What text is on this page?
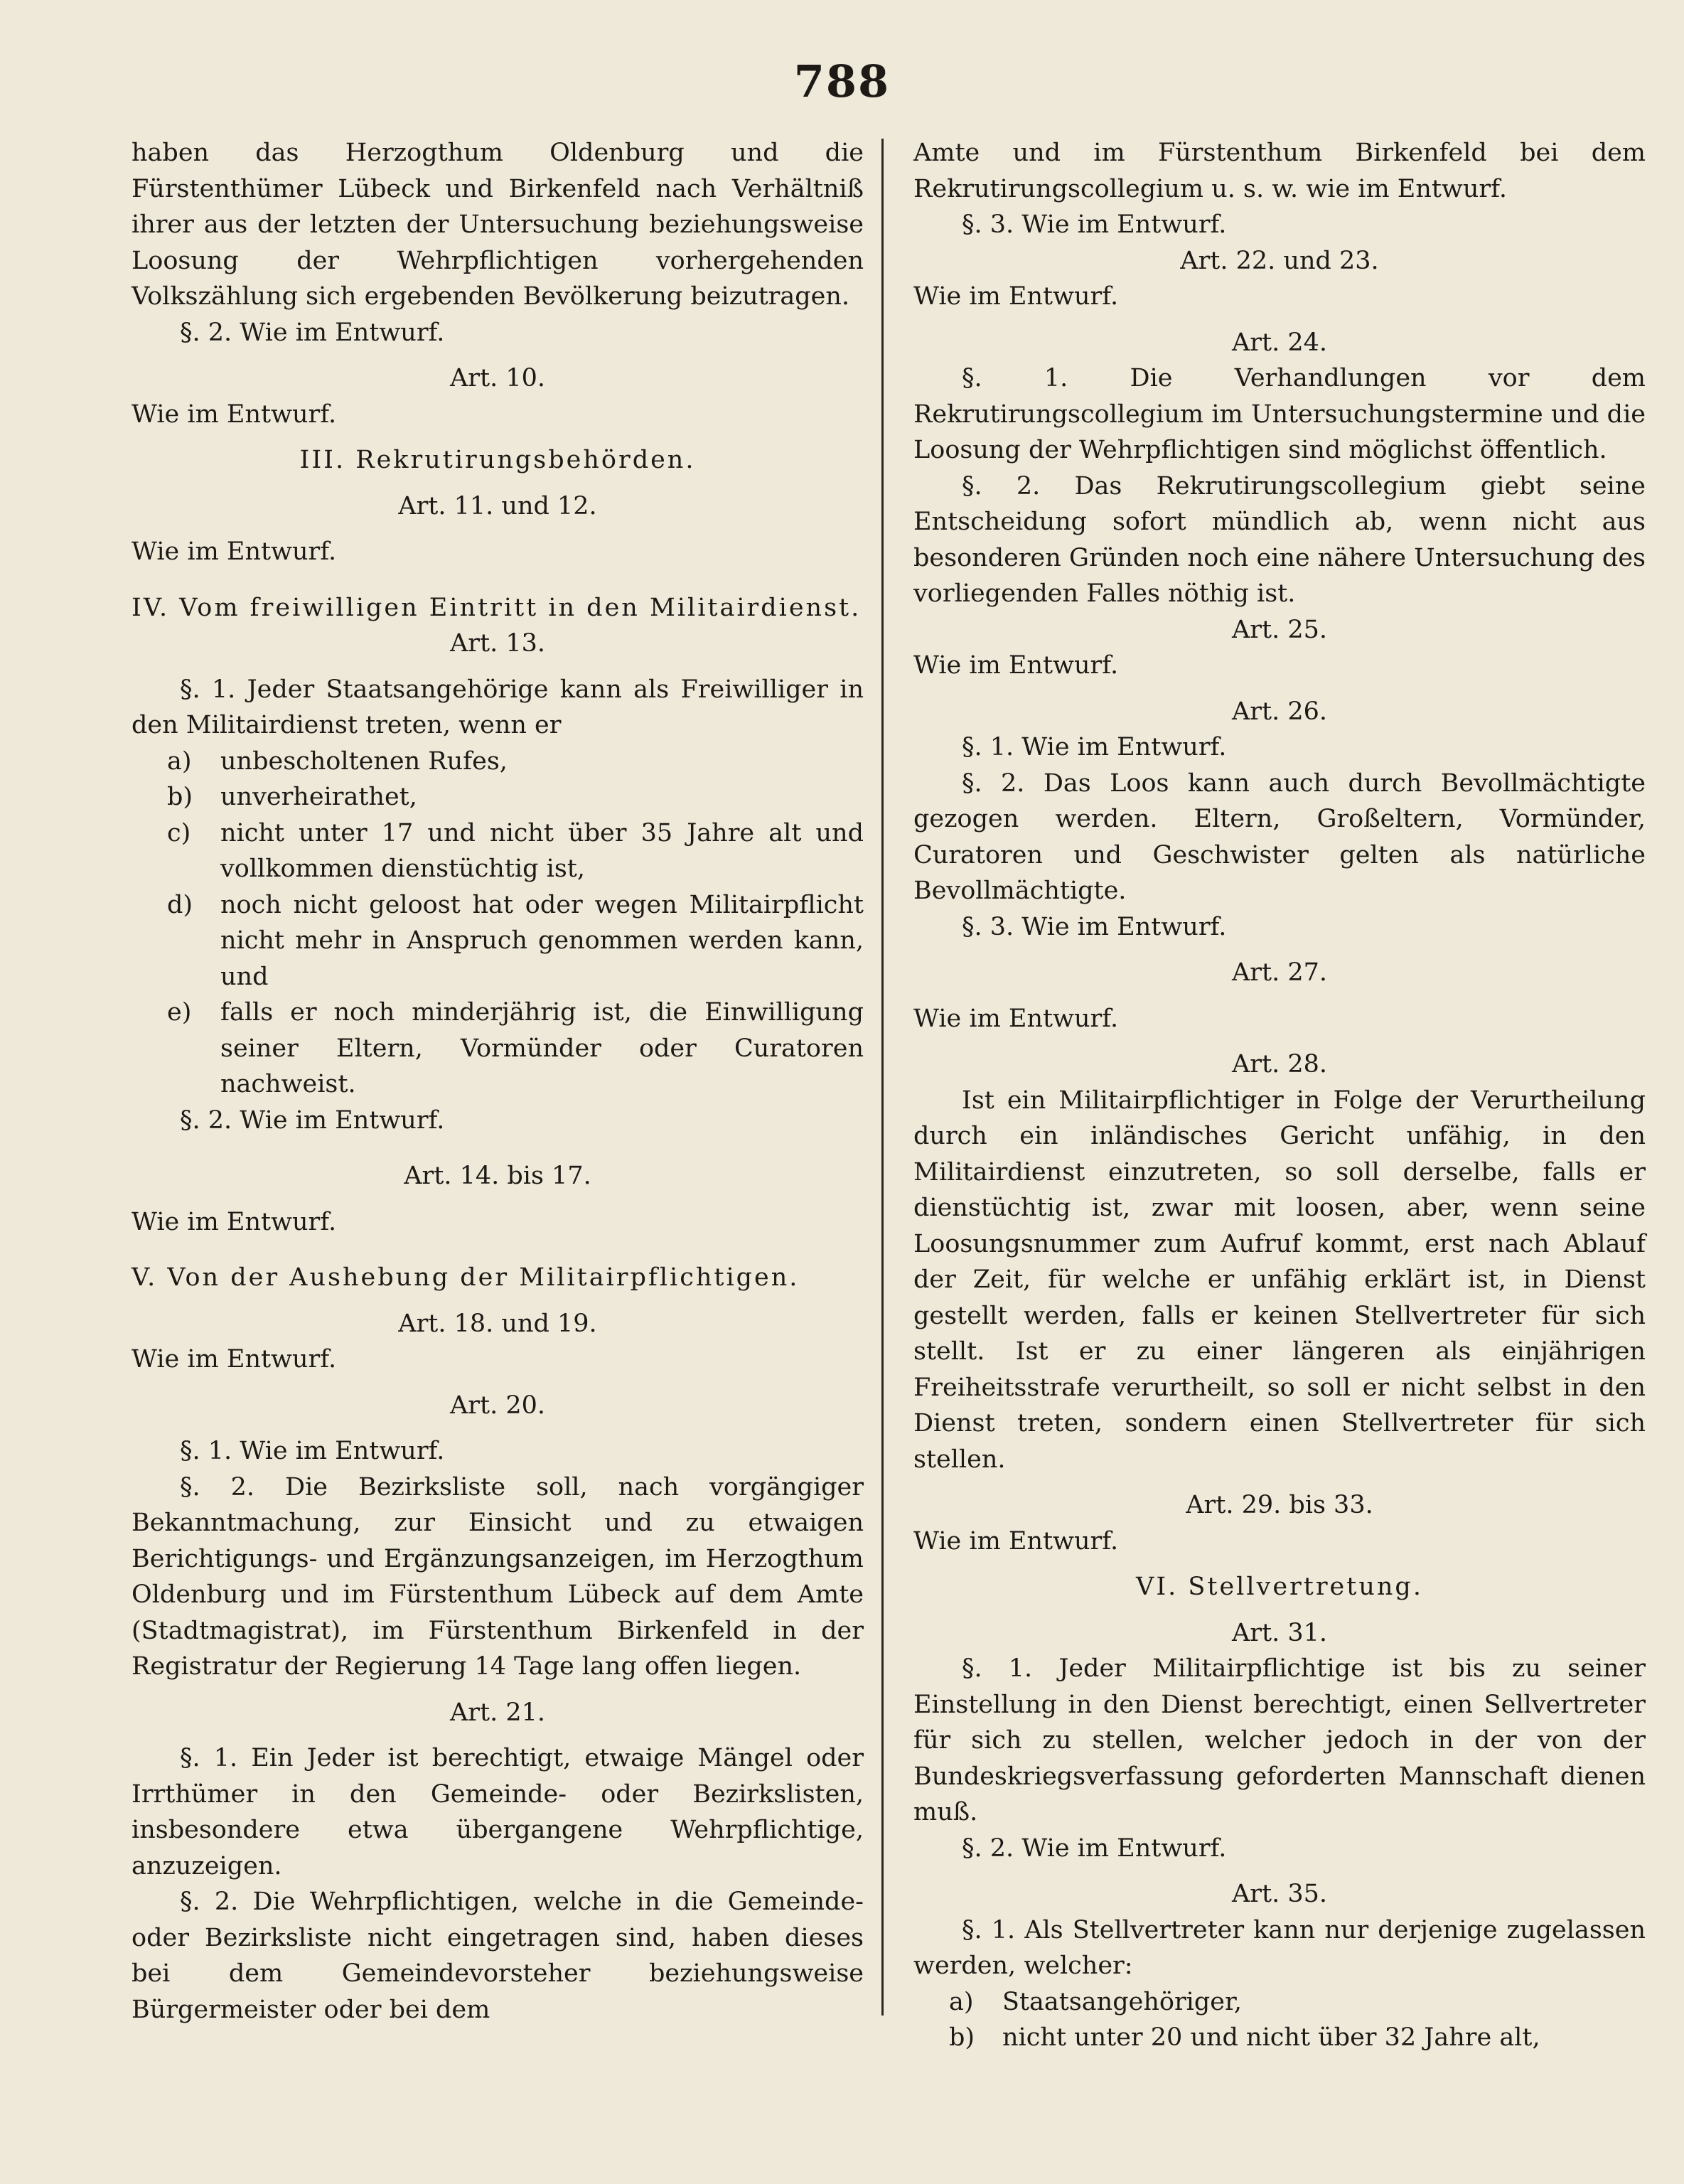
788

haben das Herzogthum Oldenburg und die Fürstenthümer Lübeck und Birkenfeld nach Verhältniß ihrer aus der letzten der Untersuchung beziehungsweise Loosung der Wehrpflichtigen vorhergehenden Volkszählung sich ergebenden Bevölkerung beizutragen.

§. 2. Wie im Entwurf.

Art. 10.

Wie im Entwurf.

III. Rekrutirungsbehörden.

Art. 11. und 12.

Wie im Entwurf.

IV. Vom freiwilligen Eintritt in den Militairdienst.

Art. 13.

§. 1. Jeder Staatsangehörige kann als Freiwilliger in den Militairdienst treten, wenn er

a)	unbescholtenen Rufes,
b)	unverheirathet,
c)	nicht unter 17 und nicht über 35 Jahre alt und vollkommen dienstüchtig ist,
d)	noch nicht geloost hat oder wegen Militairpflicht nicht mehr in Anspruch genommen werden kann, und
e)	falls er noch minderjährig ist, die Einwilligung seiner Eltern, Vormünder oder Curatoren nachweist.

§. 2. Wie im Entwurf.

Art. 14. bis 17.

Wie im Entwurf.

V. Von der Aushebung der Militairpflichtigen.

Art. 18. und 19.

Wie im Entwurf.

Art. 20.

§. 1. Wie im Entwurf.

§. 2. Die Bezirksliste soll, nach vorgängiger Bekanntmachung, zur Einsicht und zu etwaigen Berichtigungs- und Ergänzungsanzeigen, im Herzogthum Oldenburg und im Fürstenthum Lübeck auf dem Amte (Stadtmagistrat), im Fürstenthum Birkenfeld in der Registratur der Regierung 14 Tage lang offen liegen.

Art. 21.

§. 1. Ein Jeder ist berechtigt, etwaige Mängel oder Irrthümer in den Gemeinde- oder Bezirkslisten, insbesondere etwa übergangene Wehrpflichtige, anzuzeigen.

§. 2. Die Wehrpflichtigen, welche in die Gemeinde- oder Bezirksliste nicht eingetragen sind, haben dieses bei dem Gemeindevorsteher beziehungsweise Bürgermeister oder bei dem

Amte und im Fürstenthum Birkenfeld bei dem Rekrutirungscollegium u. s. w. wie im Entwurf.

§. 3. Wie im Entwurf.

Art. 22. und 23.

Wie im Entwurf.

Art. 24.

§. 1. Die Verhandlungen vor dem Rekrutirungscollegium im Untersuchungstermine und die Loosung der Wehrpflichtigen sind möglichst öffentlich.

§. 2. Das Rekrutirungscollegium giebt seine Entscheidung sofort mündlich ab, wenn nicht aus besonderen Gründen noch eine nähere Untersuchung des vorliegenden Falles nöthig ist.

Art. 25.

Wie im Entwurf.

Art. 26.

§. 1. Wie im Entwurf.

§. 2. Das Loos kann auch durch Bevollmächtigte gezogen werden. Eltern, Großeltern, Vormünder, Curatoren und Geschwister gelten als natürliche Bevollmächtigte.

§. 3. Wie im Entwurf.

Art. 27.

Wie im Entwurf.

Art. 28.

Ist ein Militairpflichtiger in Folge der Verurtheilung durch ein inländisches Gericht unfähig, in den Militairdienst einzutreten, so soll derselbe, falls er dienstüchtig ist, zwar mit loosen, aber, wenn seine Loosungsnummer zum Aufruf kommt, erst nach Ablauf der Zeit, für welche er unfähig erklärt ist, in Dienst gestellt werden, falls er keinen Stellvertreter für sich stellt. Ist er zu einer längeren als einjährigen Freiheitsstrafe verurtheilt, so soll er nicht selbst in den Dienst treten, sondern einen Stellvertreter für sich stellen.

Art. 29. bis 33.

Wie im Entwurf.

VI. Stellvertretung.

Art. 31.

§. 1. Jeder Militairpflichtige ist bis zu seiner Einstellung in den Dienst berechtigt, einen Sellvertreter für sich zu stellen, welcher jedoch in der von der Bundeskriegsverfassung geforderten Mannschaft dienen muß.

§. 2. Wie im Entwurf.

Art. 35.

§. 1. Als Stellvertreter kann nur derjenige zugelassen werden, welcher:

a)	Staatsangehöriger,
b)	nicht unter 20 und nicht über 32 Jahre alt,
